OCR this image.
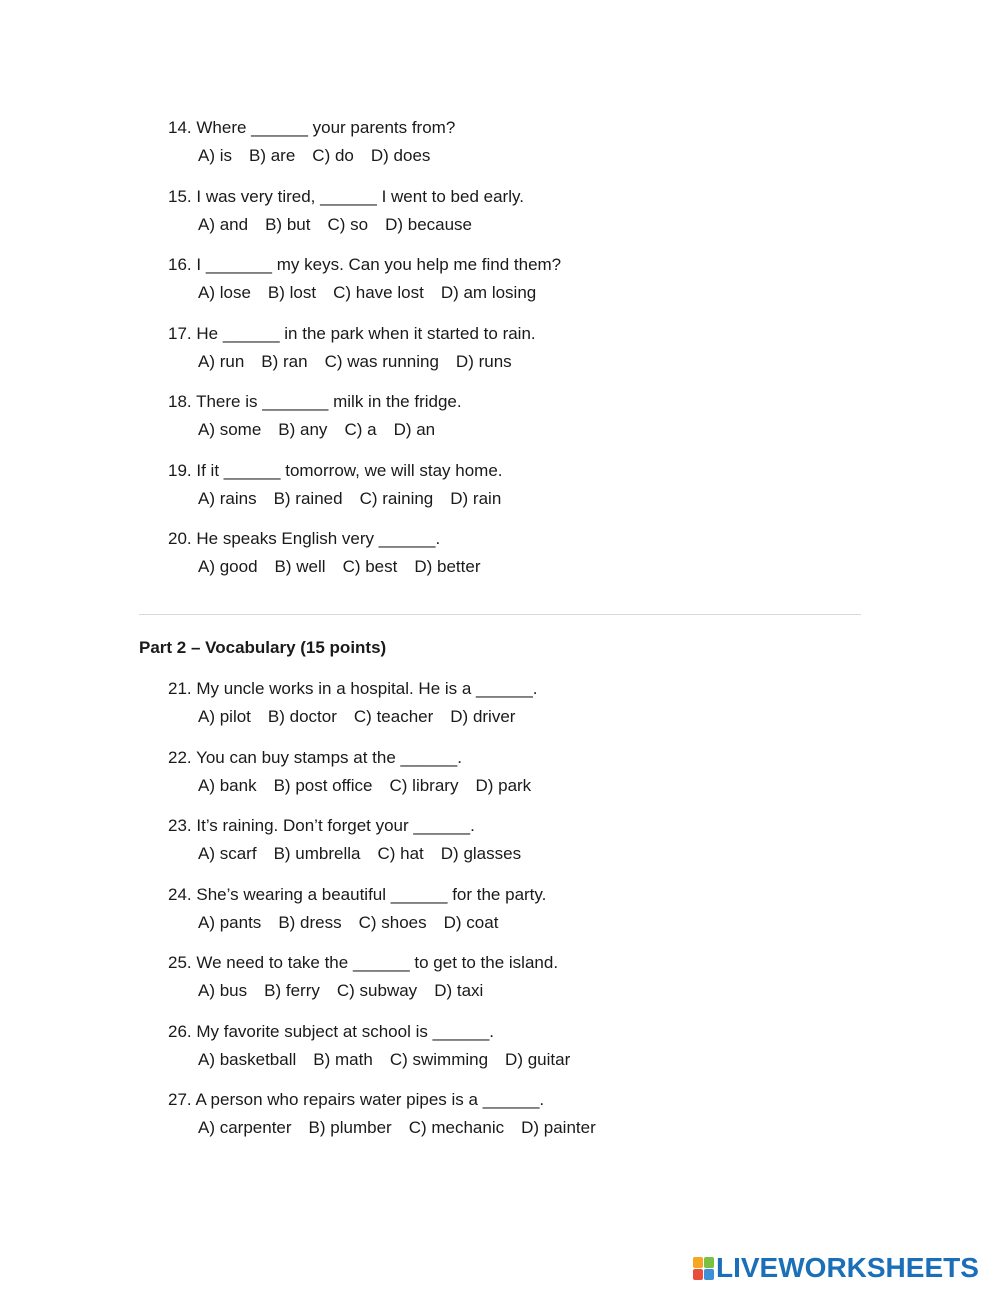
14. Where ______ your parents from?
A) is B) are C) do D) does
15. I was very tired, ______ I went to bed early.
A) and B) but C) so D) because
16. I _______ my keys. Can you help me find them?
A) lose B) lost C) have lost D) am losing
17. He ______ in the park when it started to rain.
A) run B) ran C) was running D) runs
18. There is _______ milk in the fridge.
A) some B) any C) a D) an
19. If it ______ tomorrow, we will stay home.
A) rains B) rained C) raining D) rain
20. He speaks English very ______.
A) good B) well C) best D) better
Part 2 – Vocabulary (15 points)
21. My uncle works in a hospital. He is a ______.
A) pilot B) doctor C) teacher D) driver
22. You can buy stamps at the ______.
A) bank B) post office C) library D) park
23. It’s raining. Don’t forget your ______.
A) scarf B) umbrella C) hat D) glasses
24. She’s wearing a beautiful ______ for the party.
A) pants B) dress C) shoes D) coat
25. We need to take the ______ to get to the island.
A) bus B) ferry C) subway D) taxi
26. My favorite subject at school is ______.
A) basketball B) math C) swimming D) guitar
27. A person who repairs water pipes is a ______.
A) carpenter B) plumber C) mechanic D) painter
LIVEWORKSHEETS
